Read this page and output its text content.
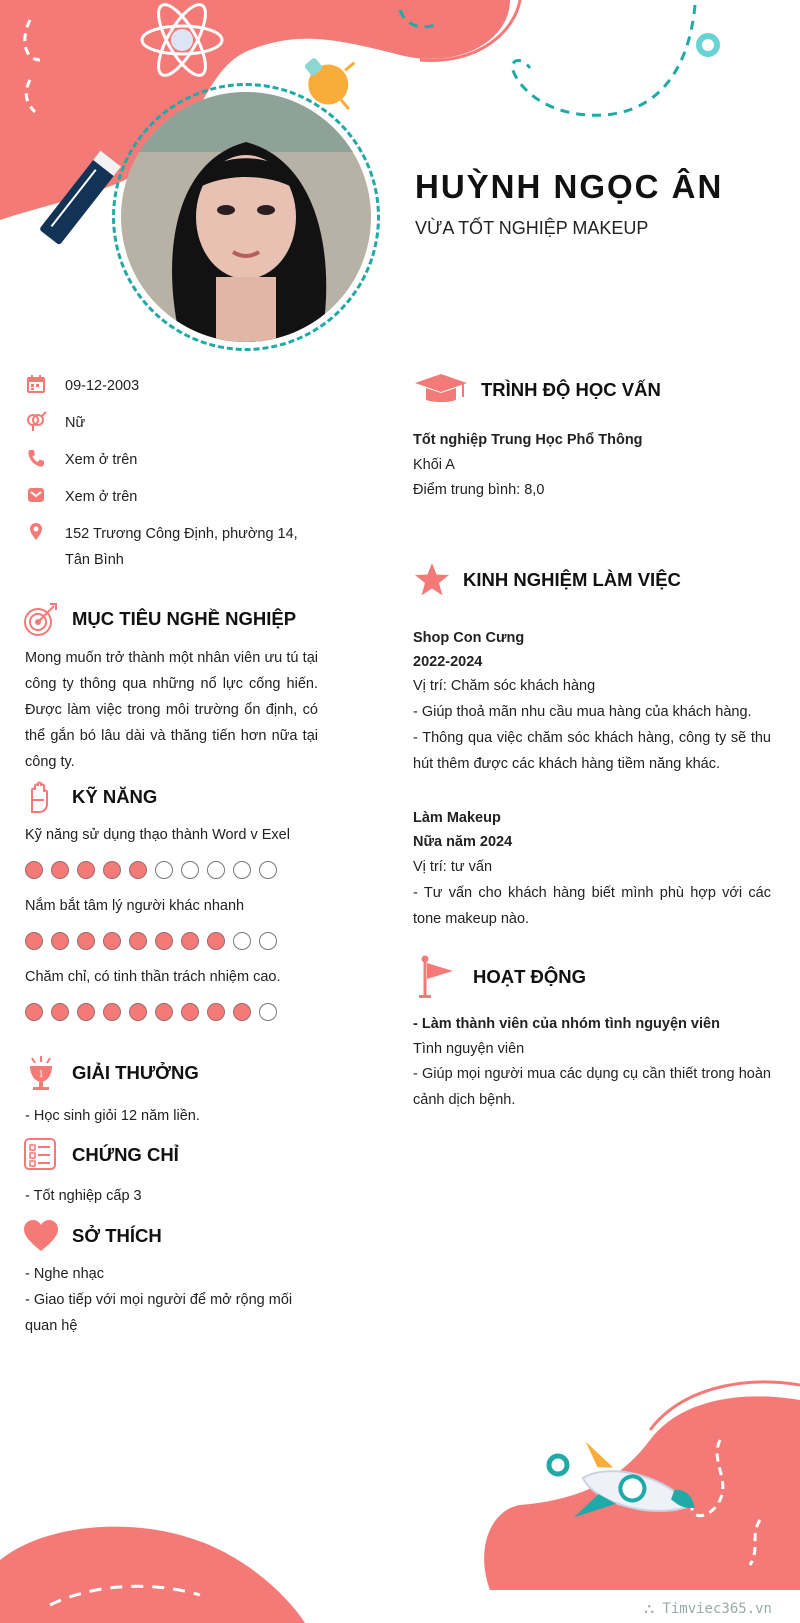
HUỲNH NGỌC ÂN
VỪA TỐT NGHIỆP MAKEUP
09-12-2003
Nữ
Xem ở trên
Xem ở trên
152 Trương Công Định, phường 14, Tân Bình
MỤC TIÊU NGHỀ NGHIỆP
Mong muốn trở thành một nhân viên ưu tú tại công ty thông qua những nổ lực cống hiến. Được làm việc trong môi trường ổn định, có thể gắn bó lâu dài và thăng tiến hơn nữa tại công ty.
KỸ NĂNG
Kỹ năng sử dụng thạo thành Word v Exel
Nắm bắt tâm lý người khác nhanh
Chăm chỉ, có tinh thần trách nhiệm cao.
1 GIẢI THƯỞNG
- Học sinh giỏi 12 năm liền.
CHỨNG CHỈ
- Tốt nghiệp cấp 3
SỞ THÍCH
- Nghe nhạc
- Giao tiếp với mọi người để mở rộng mối quan hệ
TRÌNH ĐỘ HỌC VẤN
Tốt nghiệp Trung Học Phổ Thông
Khối A
Điểm trung bình: 8,0
KINH NGHIỆM LÀM VIỆC
Shop Con Cưng
2022-2024
Vị trí: Chăm sóc khách hàng
- Giúp thoả mãn nhu cầu mua hàng của khách hàng.
- Thông qua việc chăm sóc khách hàng, công ty sẽ thu hút thêm được các khách hàng tiềm năng khác.
Làm Makeup
Nữa năm 2024
Vị trí: tư vấn
- Tư vấn cho khách hàng biết mình phù hợp với các tone makeup nào.
HOẠT ĐỘNG
- Làm thành viên của nhóm tình nguyện viên
Tình nguyện viên
- Giúp mọi người mua các dụng cụ cần thiết trong hoàn cảnh dịch bệnh.
⛬ Timviec365.vn
